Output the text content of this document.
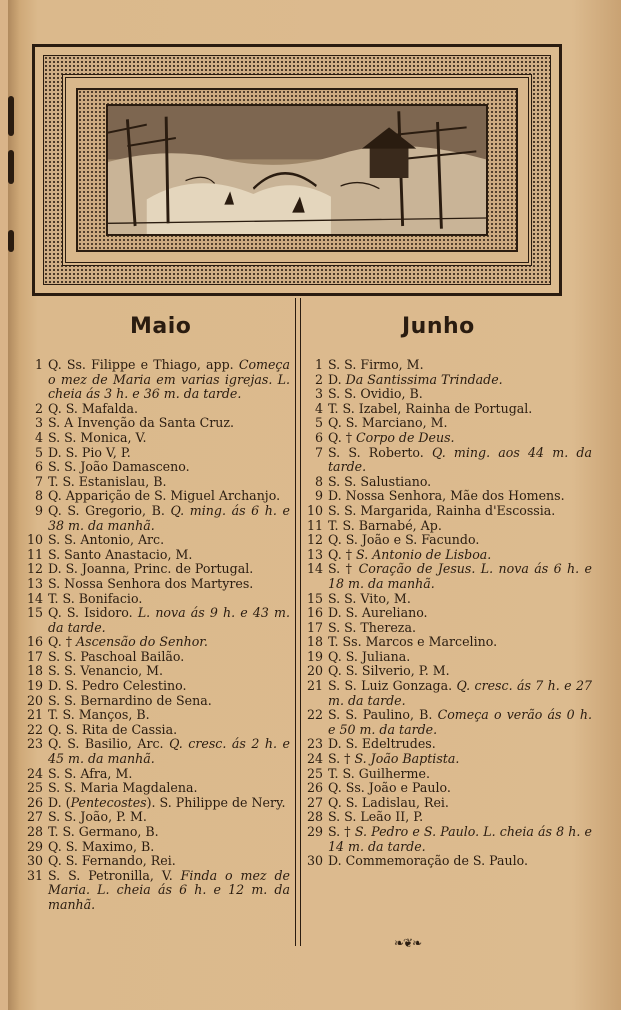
Maio	Junho

1 Q. Ss. Filippe e Thiago, app. Começa o mez de Maria em varias igrejas. L. cheia ás 3 h. e 36 m. da tarde.

2 Q. S. Mafalda.

3 S. A Invenção da Santa Cruz.

4 S. S. Monica, V.

5 D. S. Pio V, P.

6 S. S. João Damasceno.

7 T. S. Estanislau, B.

8 Q. Apparição de S. Miguel Archanjo.

9 Q. S. Gregorio, B. Q. ming. ás 6 h. e 38 m. da manhã.

10 S. S. Antonio, Arc.

11 S. Santo Anastacio, M.

12 D. S. Joanna, Princ. de Portugal.

13 S. Nossa Senhora dos Martyres.

14 T. S. Bonifacio.

15 Q. S. Isidoro. L. nova ás 9 h. e 43 m. da tarde.

16 Q. † Ascensão do Senhor.

17 S. S. Paschoal Bailão.

18 S. S. Venancio, M.

19 D. S. Pedro Celestino.

20 S. S. Bernardino de Sena.

21 T. S. Manços, B.

22 Q. S. Rita de Cassia.

23 Q. S. Basilio, Arc. Q. cresc. ás 2 h. e 45 m. da manhã.

24 S. S. Afra, M.

25 S. S. Maria Magdalena.

26 D. (Pentecostes). S. Philippe de Nery.

27 S. S. João, P. M.

28 T. S. Germano, B.

29 Q. S. Maximo, B.

30 Q. S. Fernando, Rei.

31 S. S. Petronilla, V. Finda o mez de Maria. L. cheia ás 6 h. e 12 m. da manhã.

1 S. S. Firmo, M.

2 D. Da Santissima Trindade.

3 S. S. Ovidio, B.

4 T. S. Izabel, Rainha de Portugal.

5 Q. S. Marciano, M.

6 Q. † Corpo de Deus.

7 S. S. Roberto. Q. ming. aos 44 m. da tarde.

8 S. S. Salustiano.

9 D. Nossa Senhora, Mãe dos Homens.

10 S. S. Margarida, Rainha d'Escossia.

11 T. S. Barnabé, Ap.

12 Q. S. João e S. Facundo.

13 Q. † S. Antonio de Lisboa.

14 S. † Coração de Jesus. L. nova ás 6 h. e 18 m. da manhã.

15 S. S. Vito, M.

16 D. S. Aureliano.

17 S. S. Thereza.

18 T. Ss. Marcos e Marcelino.

19 Q. S. Juliana.

20 Q. S. Silverio, P. M.

21 S. S. Luiz Gonzaga. Q. cresc. ás 7 h. e 27 m. da tarde.

22 S. S. Paulino, B. Começa o verão ás 0 h. e 50 m. da tarde.

23 D. S. Edeltrudes.

24 S. † S. João Baptista.

25 T. S. Guilherme.

26 Q. Ss. João e Paulo.

27 Q. S. Ladislau, Rei.

28 S. S. Leão II, P.

29 S. † S. Pedro e S. Paulo. L. cheia ás 8 h. e 14 m. da tarde.

30 D. Commemoração de S. Paulo.

❧❦❧
